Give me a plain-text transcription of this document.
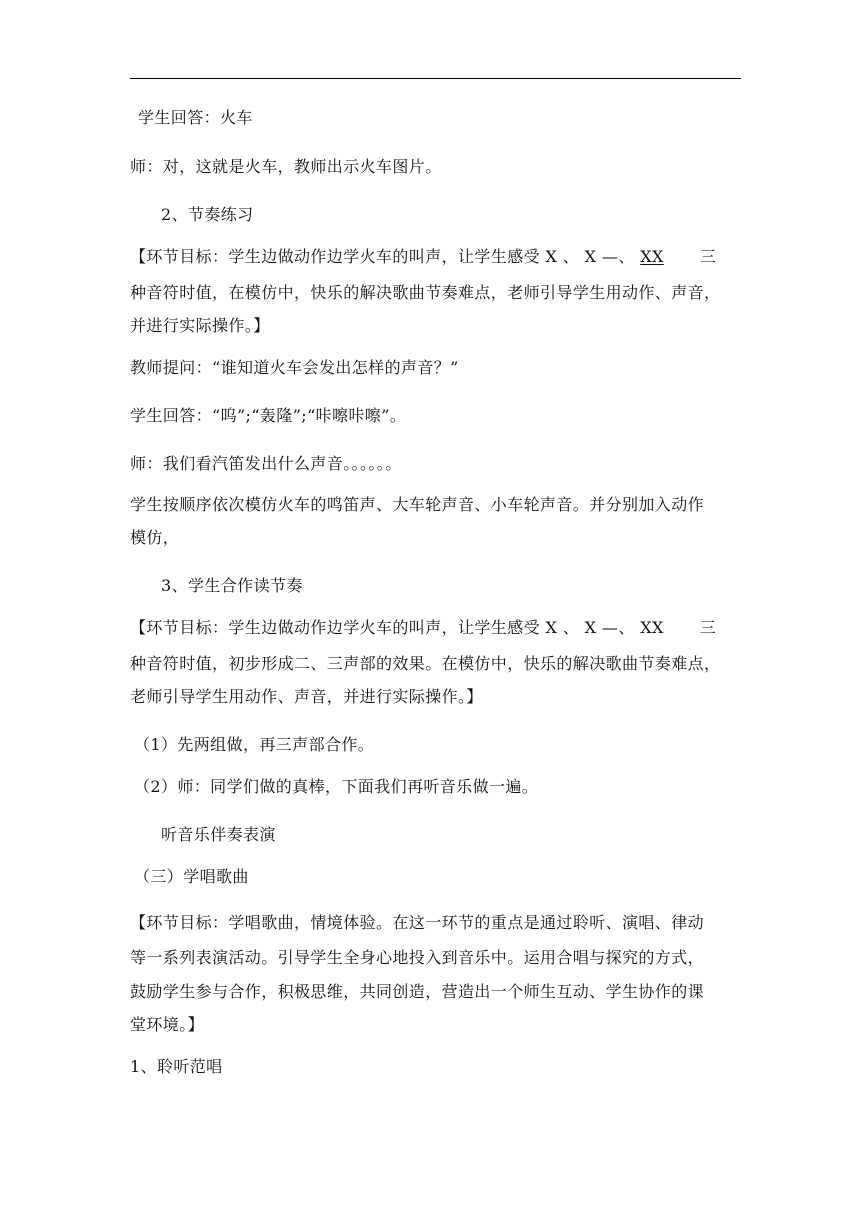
学生回答：火车
师：对，这就是火车，教师出示火车图片。
2、节奏练习
【环节目标：学生边做动作边学火车的叫声，让学生感受 X 、 X —、 XX 三
种音符时值，在模仿中，快乐的解决歌曲节奏难点，老师引导学生用动作、声音，
并进行实际操作。】
教师提问：“谁知道火车会发出怎样的声音？”
学生回答：“呜”;“轰隆”;“咔嚓咔嚓”。
师：我们看汽笛发出什么声音。。。。。。
学生按顺序依次模仿火车的鸣笛声、大车轮声音、小车轮声音。并分别加入动作
模仿，
3、学生合作读节奏
【环节目标：学生边做动作边学火车的叫声，让学生感受 X 、 X —、 XX 三
种音符时值，初步形成二、三声部的效果。在模仿中，快乐的解决歌曲节奏难点，
老师引导学生用动作、声音，并进行实际操作。】
（1）先两组做，再三声部合作。
（2）师：同学们做的真棒，下面我们再听音乐做一遍。
听音乐伴奏表演
（三）学唱歌曲
【环节目标：学唱歌曲，情境体验。在这一环节的重点是通过聆听、演唱、律动
等一系列表演活动。引导学生全身心地投入到音乐中。运用合唱与探究的方式，
鼓励学生参与合作，积极思维，共同创造，营造出一个师生互动、学生协作的课
堂环境。】
1、聆听范唱
